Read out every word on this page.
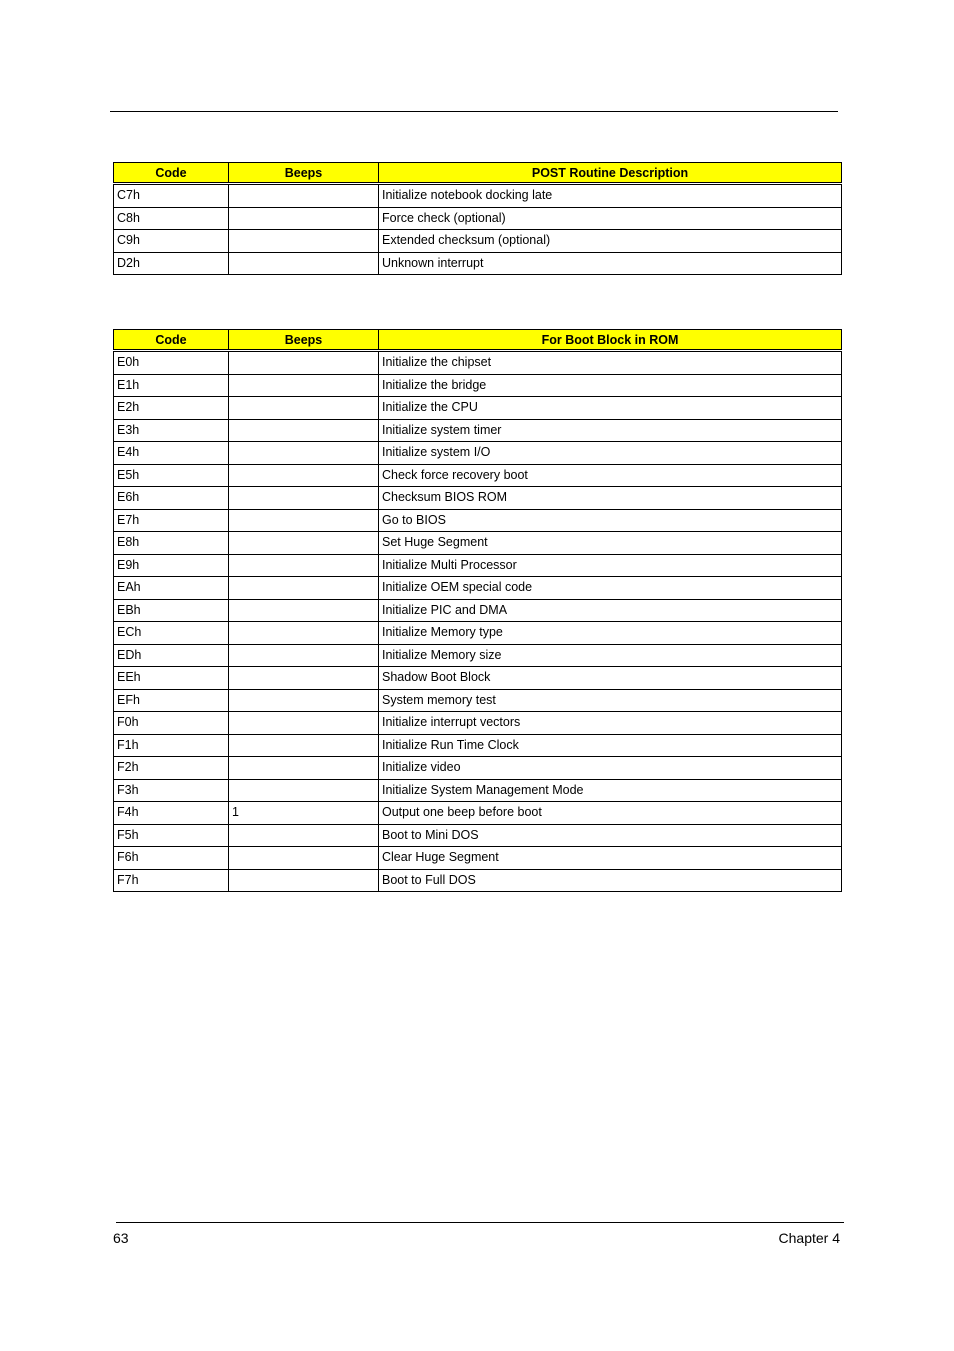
Code	Beeps	POST Routine Description
C7h		Initialize notebook docking late
C8h		Force check (optional)
C9h		Extended checksum (optional)
D2h		Unknown interrupt
Code	Beeps	For Boot Block in ROM
E0h		Initialize the chipset
E1h		Initialize the bridge
E2h		Initialize the CPU
E3h		Initialize system timer
E4h		Initialize system I/O
E5h		Check force recovery boot
E6h		Checksum BIOS ROM
E7h		Go to BIOS
E8h		Set Huge Segment
E9h		Initialize Multi Processor
EAh		Initialize OEM special code
EBh		Initialize PIC and DMA
ECh		Initialize Memory type
EDh		Initialize Memory size
EEh		Shadow Boot Block
EFh		System memory test
F0h		Initialize interrupt vectors
F1h		Initialize Run Time Clock
F2h		Initialize video
F3h		Initialize System Management Mode
F4h	1	Output one beep before boot
F5h		Boot to Mini DOS
F6h		Clear Huge Segment
F7h		Boot to Full DOS
63	Chapter 4
